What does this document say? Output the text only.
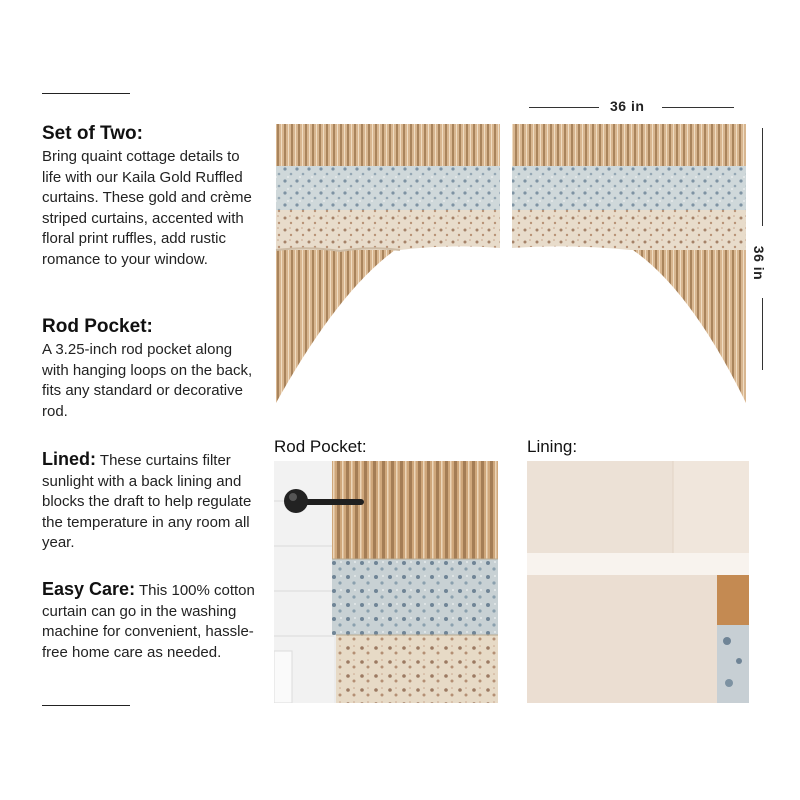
Set of Two:

Bring quaint cottage details to life with our Kaila Gold Ruffled curtains. These gold and crème striped curtains, accented with floral print ruffles, add rustic romance to your window.

Rod Pocket:

A 3.25-inch rod pocket along with hanging loops on the back, fits any standard or decorative rod.

Lined: These curtains filter sunlight with a back lining and blocks the draft to help regulate the temperature in any room all year.

Easy Care: This 100% cotton curtain can go in the washing machine for convenient, hassle-free home care as needed.

36 in
36 in
Rod Pocket:	Lining:
